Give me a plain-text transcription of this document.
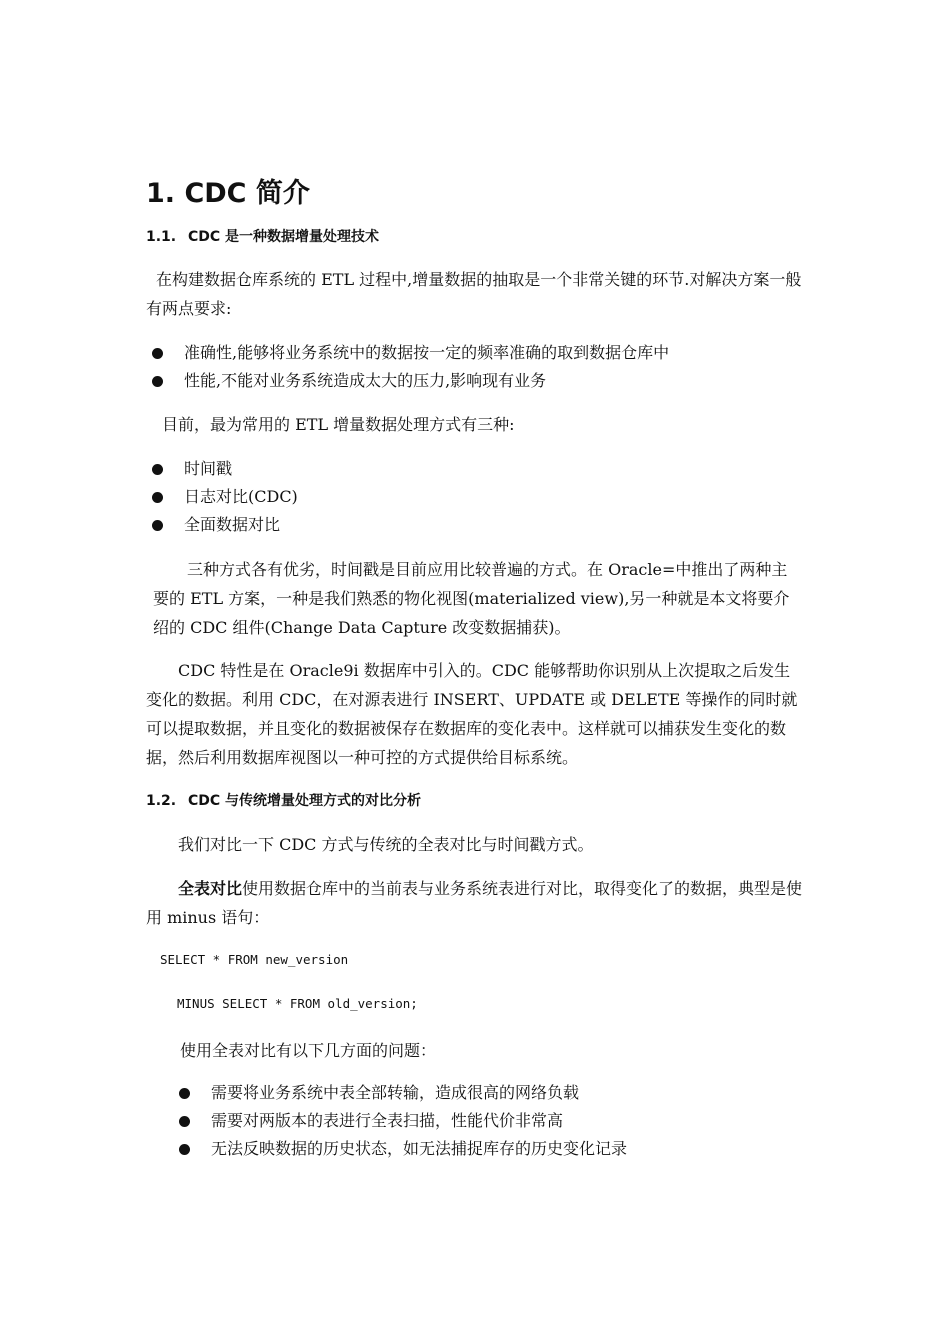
1. CDC 简介
1.1. CDC 是一种数据增量处理技术

在构建数据仓库系统的 ETL 过程中,增量数据的抽取是一个非常关键的环节.对解决方案一般有两点要求:

准确性,能够将业务系统中的数据按一定的频率准确的取到数据仓库中
性能,不能对业务系统造成太大的压力,影响现有业务

目前，最为常用的 ETL 增量数据处理方式有三种:

时间戳
日志对比(CDC)
全面数据对比

三种方式各有优劣，时间戳是目前应用比较普遍的方式。在 Oracle=中推出了两种主要的 ETL 方案，一种是我们熟悉的物化视图(materialized view),另一种就是本文将要介绍的 CDC 组件(Change Data Capture 改变数据捕获)。

CDC 特性是在 Oracle9i 数据库中引入的。CDC 能够帮助你识别从上次提取之后发生变化的数据。利用 CDC，在对源表进行 INSERT、UPDATE 或 DELETE 等操作的同时就可以提取数据，并且变化的数据被保存在数据库的变化表中。这样就可以捕获发生变化的数据，然后利用数据库视图以一种可控的方式提供给目标系统。

1.2. CDC 与传统增量处理方式的对比分析

我们对比一下 CDC 方式与传统的全表对比与时间戳方式。

全表对比使用数据仓库中的当前表与业务系统表进行对比，取得变化了的数据，典型是使用 minus 语句：

SELECT * FROM new_version
MINUS SELECT * FROM old_version;

使用全表对比有以下几方面的问题：

需要将业务系统中表全部转输，造成很高的网络负载
需要对两版本的表进行全表扫描，性能代价非常高
无法反映数据的历史状态，如无法捕捉库存的历史变化记录
